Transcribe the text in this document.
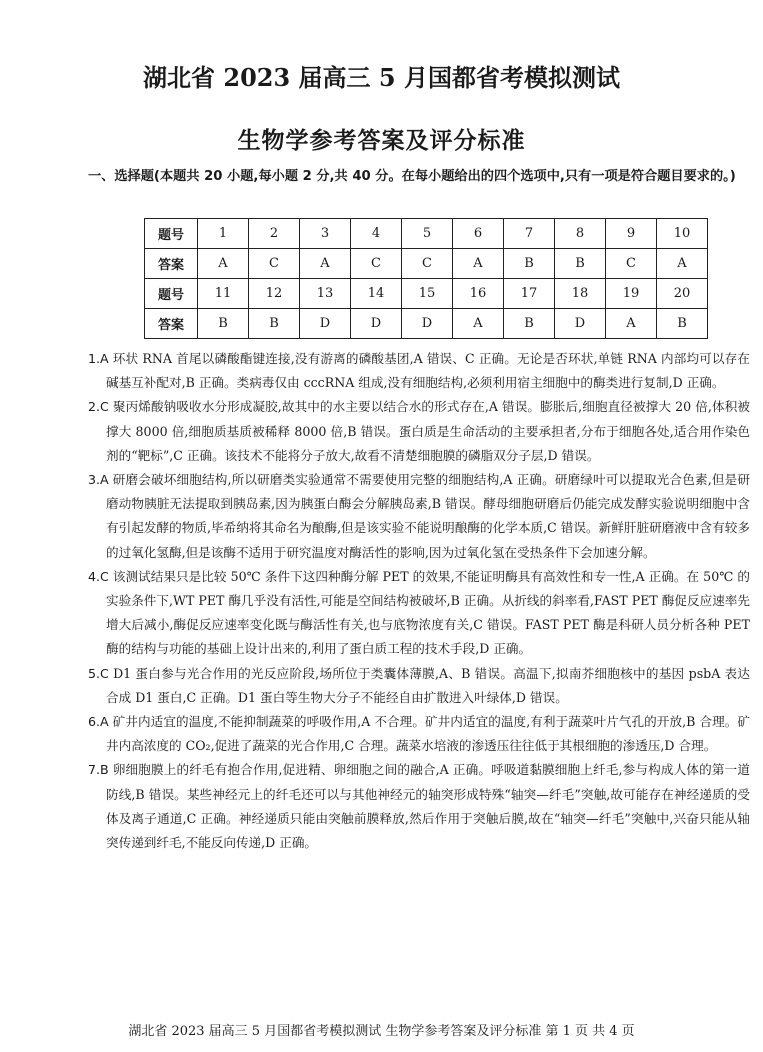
湖北省 2023 届高三 5 月国都省考模拟测试
生物学参考答案及评分标准
一、选择题(本题共 20 小题,每小题 2 分,共 40 分。在每小题给出的四个选项中,只有一项是符合题目要求的。)
题号	1	2	3	4	5	6	7	8	9	10
答案	A	C	A	C	C	A	B	B	C	A
题号	11	12	13	14	15	16	17	18	19	20
答案	B	B	D	D	D	A	B	D	A	B

1.A 环状 RNA 首尾以磷酸酯键连接,没有游离的磷酸基团,A 错误、C 正确。无论是否环状,单链 RNA 内部均可以存在碱基互补配对,B 正确。类病毒仅由 cccRNA 组成,没有细胞结构,必须利用宿主细胞中的酶类进行复制,D 正确。

2.C 聚丙烯酸钠吸收水分形成凝胶,故其中的水主要以结合水的形式存在,A 错误。膨胀后,细胞直径被撑大 20 倍,体积被撑大 8000 倍,细胞质基质被稀释 8000 倍,B 错误。蛋白质是生命活动的主要承担者,分布于细胞各处,适合用作染色剂的“靶标”,C 正确。该技术不能将分子放大,故看不清楚细胞膜的磷脂双分子层,D 错误。

3.A 研磨会破坏细胞结构,所以研磨类实验通常不需要使用完整的细胞结构,A 正确。研磨绿叶可以提取光合色素,但是研磨动物胰脏无法提取到胰岛素,因为胰蛋白酶会分解胰岛素,B 错误。酵母细胞研磨后仍能完成发酵实验说明细胞中含有引起发酵的物质,毕希纳将其命名为酿酶,但是该实验不能说明酿酶的化学本质,C 错误。新鲜肝脏研磨液中含有较多的过氧化氢酶,但是该酶不适用于研究温度对酶活性的影响,因为过氧化氢在受热条件下会加速分解。

4.C 该测试结果只是比较 50℃ 条件下这四种酶分解 PET 的效果,不能证明酶具有高效性和专一性,A 正确。在 50℃ 的实验条件下,WT PET 酶几乎没有活性,可能是空间结构被破坏,B 正确。从折线的斜率看,FAST PET 酶促反应速率先增大后减小,酶促反应速率变化既与酶活性有关,也与底物浓度有关,C 错误。FAST PET 酶是科研人员分析各种 PET 酶的结构与功能的基础上设计出来的,利用了蛋白质工程的技术手段,D 正确。

5.C D1 蛋白参与光合作用的光反应阶段,场所位于类囊体薄膜,A、B 错误。高温下,拟南芥细胞核中的基因 psbA 表达合成 D1 蛋白,C 正确。D1 蛋白等生物大分子不能经自由扩散进入叶绿体,D 错误。

6.A 矿井内适宜的温度,不能抑制蔬菜的呼吸作用,A 不合理。矿井内适宜的温度,有利于蔬菜叶片气孔的开放,B 合理。矿井内高浓度的 CO₂,促进了蔬菜的光合作用,C 合理。蔬菜水培液的渗透压往往低于其根细胞的渗透压,D 合理。

7.B 卵细胞膜上的纤毛有抱合作用,促进精、卵细胞之间的融合,A 正确。呼吸道黏膜细胞上纤毛,参与构成人体的第一道防线,B 错误。某些神经元上的纤毛还可以与其他神经元的轴突形成特殊“轴突—纤毛”突触,故可能存在神经递质的受体及离子通道,C 正确。神经递质只能由突触前膜释放,然后作用于突触后膜,故在“轴突—纤毛”突触中,兴奋只能从轴突传递到纤毛,不能反向传递,D 正确。

湖北省 2023 届高三 5 月国都省考模拟测试 生物学参考答案及评分标准 第 1 页 共 4 页
